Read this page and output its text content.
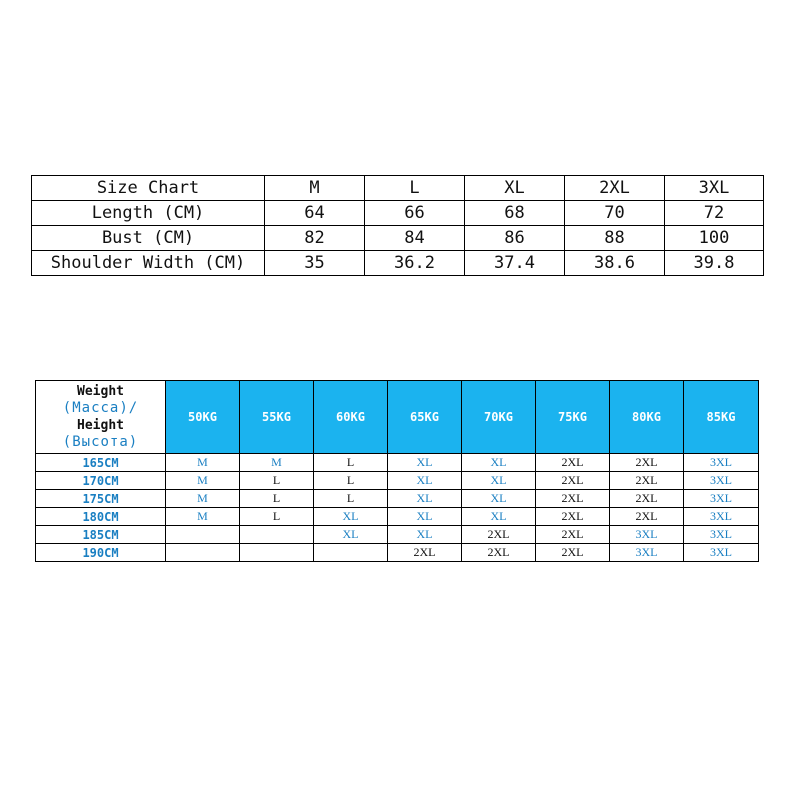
Size Chart	M	L	XL	2XL	3XL
Length (CM)	64	66	68	70	72
Bust (CM)	82	84	86	88	100
Shoulder Width (CM)	35	36.2	37.4	38.6	39.8
Weight
(Масса)/
Height
(Высота)	50KG	55KG	60KG	65KG	70KG	75KG	80KG	85KG
165CM	M	M	L	XL	XL	2XL	2XL	3XL
170CM	M	L	L	XL	XL	2XL	2XL	3XL
175CM	M	L	L	XL	XL	2XL	2XL	3XL
180CM	M	L	XL	XL	XL	2XL	2XL	3XL
185CM			XL	XL	2XL	2XL	3XL	3XL
190CM				2XL	2XL	2XL	3XL	3XL
